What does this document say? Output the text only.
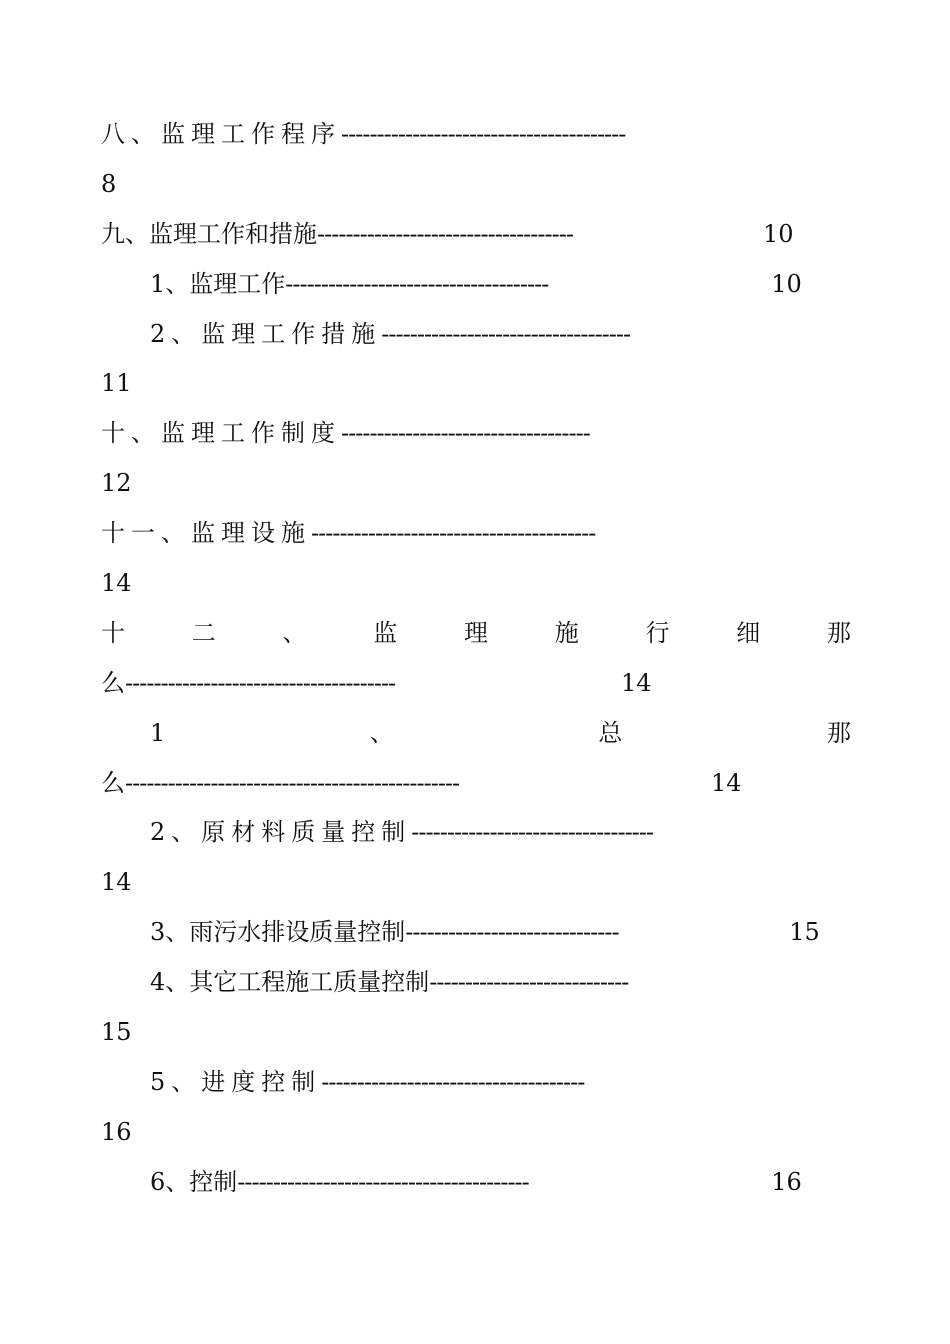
八、监理工作程序 ----------------------------------------
8
九、监理工作和措施 ------------------------------------	10
1、监理工作 -------------------------------------	10
2、监理工作措施 -----------------------------------
11
十、监理工作制度 -----------------------------------
12
十一、监理设施 ----------------------------------------
14
十	二	、	监	理	施	行	细	那
么 --------------------------------------	14
1	、	总	那
么 -----------------------------------------------	14
2、原材料质量控制 ----------------------------------
14
3、雨污水排设质量控制 ------------------------------	15
4、其它工程施工质量控制 ----------------------------
15
5、进度控制 -------------------------------------
16
6、控制 -----------------------------------------	16
